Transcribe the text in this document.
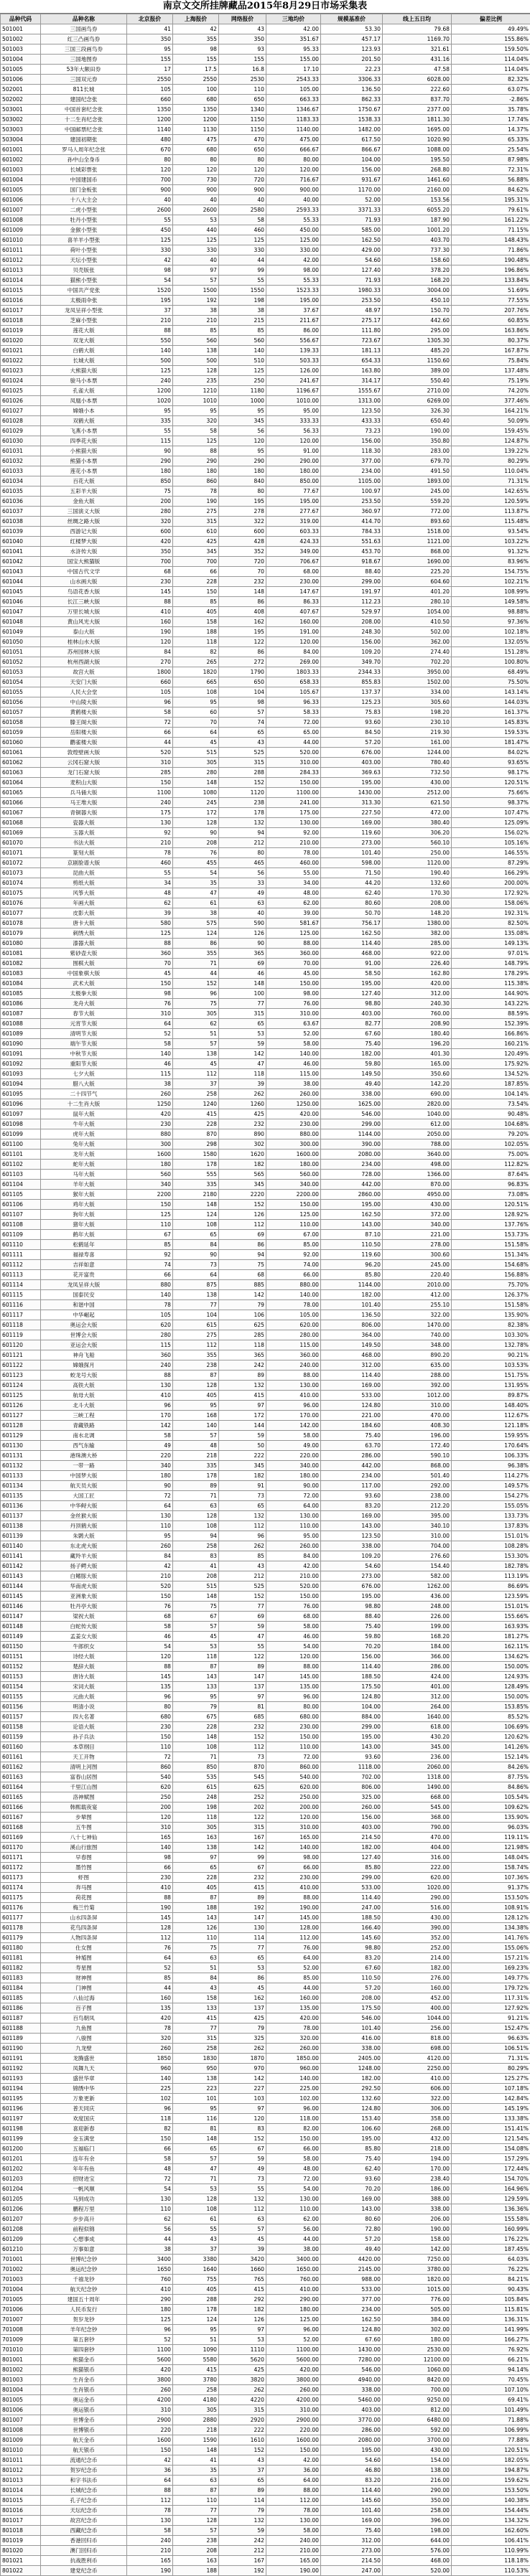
南京文交所挂牌藏品2015年8月29日市场采集表
品种代码	品种名称	北京报价	上海报价	网络报价	三地均价	规模基准价	线上五日均	偏差比例
501001	三国画鸟券	41	42	43	42.00	53.30	79.68	49.49%
501002	红三凸画鸟券	350	355	350	351.67	457.17	1169.70	155.86%
501003	三国三段画鸟券	95	98	93	95.33	123.93	321.61	159.50%
501004	三国地图券	155	155	155	155.00	201.50	431.16	114.04%
501005	53年大额田券	17	17.5	16.8	17.10	22.23	47.58	114.04%
501006	三国双元券	2550	2550	2530	2543.33	3306.33	6028.00	82.32%
502001	811长城	105	100	110	105.00	136.50	222.60	63.07%
502002	建国纪念张	660	680	650	663.33	862.33	837.70	-2.86%
503001	中国首套纪念张	1350	1350	1340	1346.67	1750.67	2377.00	35.78%
503002	十二生肖纪念张	1200	1200	1150	1183.33	1538.33	1811.30	17.74%
503003	中国邮票纪念张	1140	1130	1150	1140.00	1482.00	1695.00	14.37%
503004	建国初期张	480	475	470	475.00	617.50	1020.90	65.33%
601001	罗马人周年纪念张	670	680	650	666.67	866.67	1088.00	25.54%
601002	孙中山全身币	80	80	80	80.00	104.00	195.50	87.98%
601003	长城彩票张	120	120	120	120.00	156.00	268.80	72.31%
601004	中国建国币	700	730	720	716.67	931.67	1461.60	56.88%
601005	国门金板张	900	900	900	900.00	1170.00	2160.00	84.62%
601006	十八大主会	40	40	40	40.00	52.00	153.56	195.31%
601007	二虎小型张	2600	2600	2580	2593.33	3371.33	6055.20	79.61%
601008	牡丹小型张	55	53	58	55.33	71.93	187.90	161.22%
601009	金猴小型张	450	440	460	450.00	585.00	1001.20	71.15%
601010	喜羊羊小型张	125	125	125	125.00	162.50	403.70	148.43%
601011	荷叶小型张	330	330	330	330.00	429.00	737.30	71.86%
601012	天坛小型张	42	40	44	42.00	54.60	158.60	190.48%
601013	贝壳版张	98	97	99	98.00	127.40	378.20	196.86%
601014	猫熊小型张	54	57	55	55.33	71.93	168.20	133.84%
601015	中国共产党张	1520	1500	1550	1523.33	1980.33	3004.00	51.69%
601016	太极雨伞张	195	192	198	195.00	253.50	450.10	77.55%
601017	龙凤呈祥小型张	37	38	38	37.67	48.97	150.70	207.76%
601018	芝麻小型张	210	210	215	211.67	275.17	442.60	60.85%
601019	莲花大版	88	85	85	86.00	111.80	295.00	163.86%
601020	双龙大版	550	560	560	556.67	723.67	1305.30	80.37%
601021	白鹤大版	140	138	140	139.33	181.13	485.20	167.87%
601022	长城大版	500	500	510	503.33	654.33	1150.60	75.84%
601023	大熊猫大版	125	128	125	126.00	163.80	389.00	137.48%
601024	骏马小本票	240	235	250	241.67	314.17	550.40	75.19%
601025	孔雀大版	1200	1210	1180	1196.67	1555.67	2710.00	74.20%
601026	凤凰小本票	1020	1010	1000	1010.00	1313.00	6269.00	377.46%
601027	嫦娥小本	95	95	95	95.00	123.50	326.30	164.21%
601028	双鹤大版	335	320	345	333.33	433.33	650.40	50.09%
601029	飞燕小本票	55	58	56	56.33	73.23	190.00	159.45%
601030	四季花大版	115	125	120	120.00	156.00	350.80	124.87%
601031	小熊猫大版	90	88	95	91.00	118.30	283.00	139.22%
601032	熊猫小本票	290	290	290	290.00	377.00	679.70	80.29%
601033	莲花小本票	180	180	180	180.00	234.00	491.50	110.04%
601034	百花大版	850	860	840	850.00	1105.00	1893.00	71.31%
601035	五彩羊大版	75	78	80	77.67	100.97	245.00	142.65%
601036	金鱼大版	200	190	195	195.00	253.50	559.20	120.59%
601037	三国演义大版	280	275	278	277.67	360.97	772.00	113.87%
601038	丝绸之路大版	320	315	322	319.00	414.70	893.60	115.48%
601039	西游记大版	600	610	600	603.33	784.33	1518.00	93.54%
601040	红楼梦大版	420	425	428	424.33	551.63	1121.00	103.22%
601041	水浒传大版	350	345	352	349.00	453.70	868.00	91.32%
601042	国宝大熊猫版	700	700	720	706.67	918.67	1690.00	83.96%
601043	中国古代文学	68	66	70	68.00	88.40	225.20	154.75%
601044	山水画大版	230	228	232	230.00	299.00	604.60	102.21%
601045	鸟语花香大版	145	150	148	147.67	191.97	401.20	108.99%
601046	长江三峡大版	88	85	86	86.33	112.23	280.10	149.58%
601047	万里长城大版	410	405	408	407.67	529.97	1054.00	98.88%
601048	黄山风光大版	160	158	162	160.00	208.00	410.50	97.36%
601049	泰山大版	190	188	195	191.00	248.30	502.00	102.18%
601050	桂林山水大版	120	118	122	120.00	156.00	362.00	132.05%
601051	苏州园林大版	84	82	86	84.00	109.20	274.40	151.28%
601052	杭州西湖大版	270	265	272	269.00	349.70	702.20	100.80%
601053	故宫大版	1800	1820	1790	1803.33	2344.33	3950.00	68.49%
601054	天安门大版	660	665	650	658.33	855.83	1502.00	75.50%
601055	人民大会堂	105	108	104	105.67	137.37	334.00	143.14%
601056	中山陵大版	96	95	98	96.33	125.23	305.60	144.03%
601057	黄鹤楼大版	58	60	57	58.33	75.83	198.20	161.37%
601058	滕王阁大版	72	70	74	72.00	93.60	230.10	145.83%
601059	岳阳楼大版	66	64	65	65.00	84.50	219.30	159.53%
601060	鹳雀楼大版	44	45	43	44.00	57.20	161.00	181.47%
601061	敦煌壁画大版	520	515	525	520.00	676.00	1244.00	84.02%
601062	云冈石窟大版	310	305	315	310.00	403.00	780.40	93.65%
601063	龙门石窟大版	285	280	288	284.33	369.63	732.50	98.17%
601064	麦积山大版	150	148	152	150.00	195.00	430.00	120.51%
601065	兵马俑大版	1100	1080	1120	1100.00	1430.00	2512.00	75.66%
601066	马王堆大版	240	245	238	241.00	313.30	621.50	98.37%
601067	青铜器大版	175	172	178	175.00	227.50	472.00	107.47%
601068	瓷器大版	130	128	132	130.00	169.00	380.40	125.09%
601069	玉器大版	92	90	94	92.00	119.60	306.20	156.02%
601070	书法大版	210	208	212	210.00	273.00	560.10	105.16%
601071	篆刻大版	78	76	80	78.00	101.40	250.00	146.55%
601072	京剧脸谱大版	460	455	465	460.00	598.00	1120.00	87.29%
601073	昆曲大版	55	54	56	55.00	71.50	190.40	166.29%
601074	剪纸大版	34	35	33	34.00	44.20	132.60	200.00%
601075	风筝大版	48	47	49	48.00	62.40	170.30	172.92%
601076	年画大版	62	61	63	62.00	80.60	208.00	158.06%
601077	皮影大版	39	38	40	39.00	50.70	148.20	192.31%
601078	唐卡大版	580	575	590	581.67	756.17	1380.00	82.50%
601079	刺绣大版	125	124	126	125.00	162.50	382.00	135.08%
601080	漆器大版	88	86	90	88.00	114.40	285.00	149.13%
601081	紫砂壶大版	360	355	365	360.00	468.00	922.00	97.01%
601082	围棋大版	70	71	69	70.00	91.00	226.40	148.79%
601083	中国象棋大版	45	44	46	45.00	58.50	162.80	178.29%
601084	武术大版	150	152	148	150.00	195.00	420.00	115.38%
601085	太极拳大版	98	96	100	98.00	127.40	312.00	144.90%
601086	龙舟大版	76	75	77	76.00	98.80	240.30	143.22%
601087	春节大版	310	305	315	310.00	403.00	760.00	88.59%
601088	元宵节大版	64	62	65	63.67	82.77	208.90	152.39%
601089	清明节大版	52	51	53	52.00	67.60	180.40	166.86%
601090	端午节大版	58	57	59	58.00	75.40	196.20	160.21%
601091	中秋节大版	140	138	142	140.00	182.00	401.30	120.49%
601092	重阳节大版	46	45	47	46.00	59.80	165.00	175.92%
601093	七夕大版	115	112	118	115.00	149.50	350.60	134.52%
601094	腊八大版	38	37	39	38.00	49.40	142.20	187.85%
601095	二十四节气	260	258	262	260.00	338.00	690.00	104.14%
601096	十二生肖大版	1250	1240	1260	1250.00	1625.00	2820.00	73.54%
601097	鼠年大版	420	415	425	420.00	546.00	1040.00	90.48%
601098	牛年大版	230	228	232	230.00	299.00	612.00	104.68%
601099	虎年大版	880	870	890	880.00	1144.00	2050.00	79.20%
601100	兔年大版	300	298	302	300.00	390.00	788.00	102.05%
601101	龙年大版	1600	1580	1620	1600.00	2080.00	3640.00	75.00%
601102	蛇年大版	180	178	182	180.00	234.00	498.00	112.82%
601103	马年大版	560	555	565	560.00	728.00	1366.00	87.64%
601104	羊年大版	340	335	345	340.00	442.00	870.00	96.83%
601105	猴年大版	2200	2180	2220	2200.00	2860.00	4950.00	73.08%
601106	鸡年大版	150	148	152	150.00	195.00	430.00	120.51%
601107	狗年大版	125	124	126	125.00	162.50	372.00	128.92%
601108	猪年大版	110	108	112	110.00	143.00	340.00	137.76%
601109	鹤年大版	67	65	69	67.00	87.10	221.00	153.73%
601110	松鹤延年	85	84	86	85.00	110.50	278.00	151.58%
601111	福禄寿喜	92	90	94	92.00	119.60	300.60	151.34%
601112	吉祥如意	74	73	75	74.00	96.20	245.00	154.68%
601113	花开富贵	66	64	68	66.00	85.80	220.40	156.88%
601114	龙凤呈祥大版	880	875	885	880.00	1144.00	2010.00	75.70%
601115	国泰民安	140	138	142	140.00	182.00	412.00	126.37%
601116	和谐中国	78	77	79	78.00	101.40	255.10	151.58%
601117	中华崛起	105	104	106	105.00	136.50	322.00	135.90%
601118	奥运会大版	620	615	625	620.00	806.00	1470.00	82.38%
601119	世博会大版	280	275	285	280.00	364.00	740.00	103.30%
601120	亚运会大版	115	112	118	115.00	149.50	348.00	132.78%
601121	神舟飞船	360	355	365	360.00	468.00	890.20	90.21%
601122	嫦娥探月	240	238	242	240.00	312.00	635.00	103.53%
601123	蛟龙号大版	88	87	89	88.00	114.40	288.00	151.75%
601124	高铁大版	130	128	132	130.00	169.00	392.00	131.95%
601125	航母大版	410	405	415	410.00	533.00	1012.00	89.87%
601126	北斗大版	96	95	97	96.00	124.80	310.00	148.40%
601127	三峡工程	170	168	172	170.00	221.00	470.00	112.67%
601128	青藏铁路	142	140	144	142.00	184.60	408.30	121.18%
601129	南水北调	58	57	59	58.00	75.40	196.00	159.95%
601130	西气东输	49	48	50	49.00	63.70	172.40	170.64%
601131	港珠澳大桥	220	218	222	220.00	286.00	590.10	106.33%
601132	一带一路	340	335	345	340.00	442.00	868.00	96.38%
601133	中国梦大版	180	178	182	180.00	234.00	501.40	114.27%
601134	航天员大版	90	89	91	90.00	117.00	292.00	149.57%
601135	大国工匠	72	71	73	72.00	93.60	238.00	154.27%
601136	中华鲟大版	64	63	65	64.00	83.20	212.20	155.05%
601137	金丝猴大版	130	128	132	130.00	169.00	395.00	133.73%
601138	丹顶鹤大版	110	108	112	110.00	143.00	340.10	137.83%
601139	朱鹮大版	95	94	96	95.00	123.50	310.00	151.01%
601140	东北虎大版	260	258	262	260.00	338.00	704.00	108.28%
601141	藏羚羊大版	84	83	85	84.00	109.20	276.60	153.30%
601142	扬子鳄大版	42	41	43	42.00	54.60	154.40	182.78%
601143	白鳍豚大版	210	208	212	210.00	273.00	582.00	113.19%
601144	华南虎大版	520	515	525	520.00	676.00	1262.00	86.69%
601145	亚洲象大版	150	148	152	150.00	195.00	436.00	123.59%
601146	牡丹亭大版	76	75	77	76.00	98.80	248.00	151.01%
601147	梁祝大版	68	67	69	68.00	88.40	226.00	155.66%
601148	白蛇传大版	58	57	59	58.00	75.40	199.00	163.93%
601149	孟姜女大版	46	45	47	46.00	59.80	168.20	181.27%
601150	牛郎织女	54	53	55	54.00	70.20	184.00	162.11%
601151	诗经大版	120	118	122	120.00	156.00	366.00	134.62%
601152	楚辞大版	88	87	89	88.00	114.40	286.00	150.00%
601153	唐诗大版	145	143	147	145.00	188.50	424.00	124.93%
601154	宋词大版	135	133	137	135.00	175.50	401.00	128.49%
601155	元曲大版	96	95	97	96.00	124.80	312.00	150.00%
601156	明清小说	80	79	81	80.00	104.00	264.00	153.85%
601157	四大名著	680	675	685	680.00	884.00	1640.00	85.52%
601158	论语大版	230	228	232	230.00	299.00	618.00	106.69%
601159	孙子兵法	150	148	152	150.00	195.00	430.20	120.62%
601160	本草纲目	110	108	112	110.00	143.00	345.00	141.26%
601161	天工开物	72	71	73	72.00	93.60	236.00	152.14%
601162	清明上河图	860	850	870	860.00	1118.00	2060.00	84.26%
601163	富春山居图	540	535	545	540.00	702.00	1318.00	87.75%
601164	千里江山图	620	615	625	620.00	806.00	1490.00	84.86%
601165	洛神赋图	250	248	252	250.00	325.00	668.00	105.54%
601166	韩熙载夜宴	200	198	202	200.00	260.00	545.00	109.62%
601167	步辇图	120	118	122	120.00	156.00	368.00	135.90%
601168	五牛图	310	305	315	310.00	403.00	790.00	96.03%
601169	八十七神仙	165	163	167	165.00	214.50	470.00	119.11%
601170	溪山行旅图	140	138	142	140.00	182.00	404.00	121.98%
601171	早春图	98	97	99	98.00	127.40	316.00	148.04%
601172	墨竹图	66	65	67	66.00	85.80	222.00	158.74%
601173	虾图	230	228	232	230.00	299.00	620.00	107.36%
601174	奔马图	410	405	415	410.00	533.00	1020.00	91.37%
601175	荷花图	88	87	89	88.00	114.40	290.00	153.50%
601176	梅兰竹菊	190	188	192	190.00	247.00	516.00	108.91%
601177	山水四条屏	145	143	147	145.00	188.50	430.00	128.12%
601178	花鸟四条屏	128	126	130	128.00	166.40	390.00	134.38%
601179	人物四条屏	112	110	114	112.00	145.60	352.00	141.76%
601180	仕女图	76	75	77	76.00	98.80	252.00	155.06%
601181	钟馗图	64	63	65	64.00	83.20	214.00	157.21%
601182	寿星图	52	51	53	52.00	67.60	182.00	169.23%
601183	财神图	85	84	86	85.00	110.50	276.00	149.77%
601184	门神图	44	43	45	44.00	57.20	160.00	179.72%
601185	八仙过海	160	158	162	160.00	208.00	452.00	117.31%
601186	百子图	135	133	137	135.00	175.50	400.00	127.92%
601187	百鸟朝凤	420	415	425	420.00	546.00	1044.00	91.21%
601188	九鱼图	78	77	79	78.00	101.40	256.00	152.47%
601189	八骏图	320	315	325	320.00	416.00	818.00	96.63%
601190	九龙壁	260	258	262	260.00	338.00	698.00	106.51%
601191	龙腾盛世	1850	1830	1870	1850.00	2405.00	4120.00	71.31%
601192	凤舞九天	960	950	970	960.00	1248.00	2250.00	80.29%
601193	盛世华章	140	138	142	140.00	182.00	410.00	125.27%
601194	锦绣中华	225	223	227	225.00	292.50	606.00	107.18%
601195	万象更新	102	101	103	102.00	132.60	322.00	142.84%
601196	普天同庆	96	95	97	96.00	124.80	306.00	145.19%
601197	欢度国庆	118	116	120	118.00	153.40	358.00	133.38%
601198	喜迎新春	82	81	83	82.00	106.60	268.00	151.41%
601199	金玉满堂	150	148	152	150.00	195.00	432.00	121.54%
601200	五福临门	66	65	67	66.00	85.80	218.00	154.08%
601201	连年有余	58	57	59	58.00	75.40	194.00	157.29%
601202	年年有鱼	48	47	49	48.00	62.40	170.00	172.44%
601203	招财进宝	72	71	73	72.00	93.60	238.40	154.70%
601204	一帆风顺	54	53	55	54.00	70.20	186.00	164.96%
601205	马到成功	130	128	132	130.00	169.00	388.00	129.59%
601206	鹏程万里	110	108	112	110.00	143.00	338.00	136.36%
601207	步步高升	62	61	63	62.00	80.60	206.00	155.58%
601208	前程似锦	56	55	57	56.00	72.80	190.00	160.99%
601209	心想事成	44	43	45	44.00	57.20	158.00	176.22%
601210	万事如意	38	37	39	38.00	49.40	142.00	187.45%
701001	世博纪念钞	3400	3380	3420	3400.00	4420.00	7250.00	64.03%
701002	奥运纪念钞	1650	1640	1660	1650.00	2145.00	3780.00	76.22%
701003	千禧龙钞	760	755	765	760.00	988.00	1820.00	84.21%
701004	航天纪念钞	410	405	415	410.00	533.00	1015.00	90.43%
701005	建国五十周年	290	288	292	290.00	377.00	776.00	105.84%
701006	人民币发行	180	178	182	180.00	234.00	505.00	115.81%
701007	贺岁龙钞	125	124	126	125.00	162.50	384.00	136.31%
701008	羊年纪念钞	96	95	97	96.00	124.80	302.00	141.99%
701009	第五套钞	52	51	53	52.00	67.60	180.00	166.27%
701010	第四套钞	1100	1090	1110	1100.00	1430.00	2530.00	76.92%
801001	熊猫金币	5600	5580	5620	5600.00	7280.00	12100.00	66.21%
801002	熊猫银币	420	415	425	420.00	546.00	1060.00	94.14%
801003	生肖金币	3800	3780	3820	3800.00	4940.00	8420.00	70.45%
801004	生肖银币	260	258	262	260.00	338.00	700.00	107.10%
801005	奥运金币	4200	4180	4220	4200.00	5460.00	9250.00	69.41%
801006	奥运银币	310	305	315	310.00	403.00	812.00	101.49%
801007	世博金币	2900	2880	2920	2900.00	3770.00	6480.00	71.88%
801008	世博银币	220	218	222	220.00	286.00	592.00	106.99%
801009	航天金币	1600	1590	1610	1600.00	2080.00	3700.00	77.88%
801010	航天银币	150	148	152	150.00	195.00	430.00	120.51%
801011	流通纪念币	42	41	43	42.00	54.60	154.00	182.05%
801012	贺岁纪念币	36	35	37	36.00	46.80	138.00	194.87%
801013	和字书法币	64	63	65	64.00	83.20	216.00	159.62%
801014	长城纪念币	88	87	89	88.00	114.40	290.00	153.50%
801015	孔子纪念币	112	110	114	112.00	145.60	350.00	140.38%
801016	天坛纪念币	78	77	79	78.00	101.40	258.00	154.44%
801017	故宫纪念币	130	128	132	130.00	169.00	396.00	134.32%
801018	西藏纪念币	58	57	59	58.00	75.40	198.00	162.60%
801019	香港回归币	240	238	242	240.00	312.00	644.00	106.41%
801020	澳门回归币	210	208	212	210.00	273.00	576.00	110.99%
801021	抗战胜利币	165	163	167	165.00	214.50	468.00	118.18%
801022	建党纪念币	190	188	192	190.00	247.00	520.00	110.53%
